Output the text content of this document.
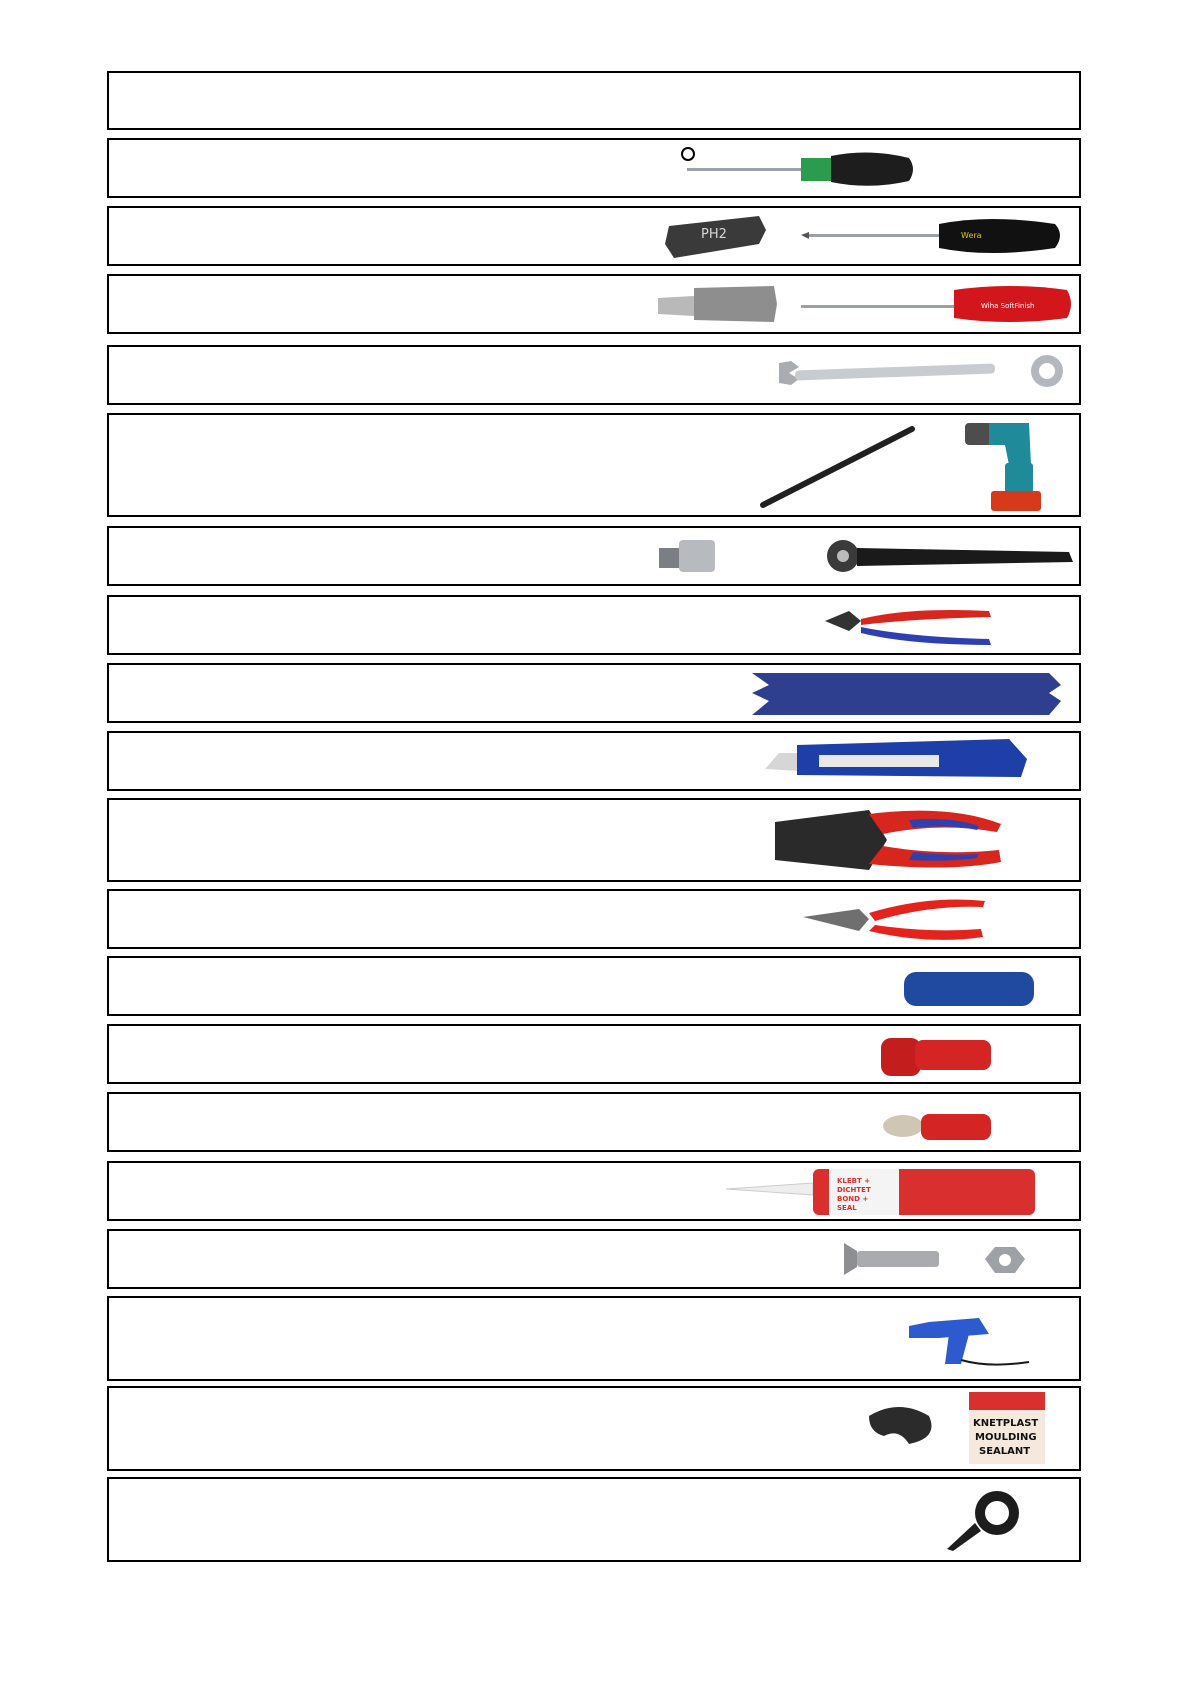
PH2	Wera
Wiha SoftFinish
KLEBT +
DICHTET
BOND +
SEAL
KNETPLAST
MOULDING
SEALANT
